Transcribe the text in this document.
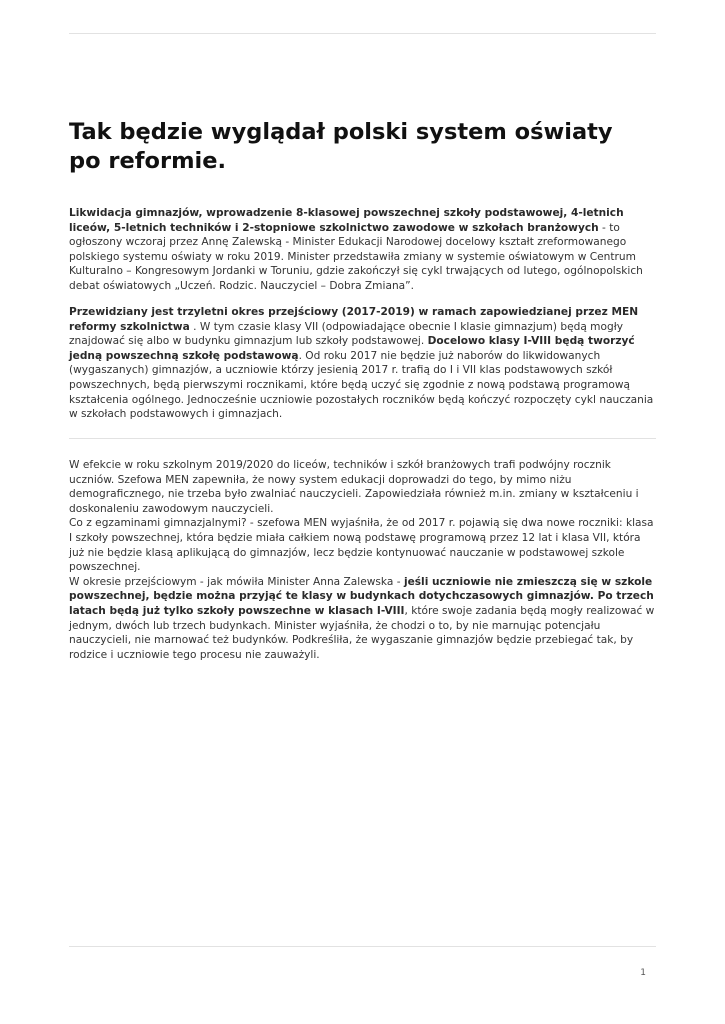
Tak będzie wyglądał polski system oświaty po reformie.

Likwidacja gimnazjów, wprowadzenie 8-klasowej powszechnej szkoły podstawowej, 4-letnich liceów, 5-letnich techników i 2-stopniowe szkolnictwo zawodowe w szkołach branżowych - to ogłoszony wczoraj przez Annę Zalewską - Minister Edukacji Narodowej docelowy kształt zreformowanego polskiego systemu oświaty w roku 2019. Minister przedstawiła zmiany w systemie oświatowym w Centrum Kulturalno – Kongresowym Jordanki w Toruniu, gdzie zakończył się cykl trwających od lutego, ogólnopolskich debat oświatowych „Uczeń. Rodzic. Nauczyciel – Dobra Zmiana”.

Przewidziany jest trzyletni okres przejściowy (2017-2019) w ramach zapowiedzianej przez MEN reformy szkolnictwa . W tym czasie klasy VII (odpowiadające obecnie I klasie gimnazjum) będą mogły znajdować się albo w budynku gimnazjum lub szkoły podstawowej. Docelowo klasy I-VIII będą tworzyć jedną powszechną szkołę podstawową. Od roku 2017 nie będzie już naborów do likwidowanych (wygaszanych) gimnazjów, a uczniowie którzy jesienią 2017 r. trafią do I i VII klas podstawowych szkół powszechnych, będą pierwszymi rocznikami, które będą uczyć się zgodnie z nową podstawą programową kształcenia ogólnego. Jednocześnie uczniowie pozostałych roczników będą kończyć rozpoczęty cykl nauczania w szkołach podstawowych i gimnazjach.

W efekcie w roku szkolnym 2019/2020 do liceów, techników i szkół branżowych trafi podwójny rocznik uczniów. Szefowa MEN zapewniła, że nowy system edukacji doprowadzi do tego, by mimo niżu demograficznego, nie trzeba było zwalniać nauczycieli. Zapowiedziała również m.in. zmiany w kształceniu i doskonaleniu zawodowym nauczycieli.
Co z egzaminami gimnazjalnymi? - szefowa MEN wyjaśniła, że od 2017 r. pojawią się dwa nowe roczniki: klasa I szkoły powszechnej, która będzie miała całkiem nową podstawę programową przez 12 lat i klasa VII, która już nie będzie klasą aplikującą do gimnazjów, lecz będzie kontynuować nauczanie w podstawowej szkole powszechnej.
W okresie przejściowym - jak mówiła Minister Anna Zalewska - jeśli uczniowie nie zmieszczą się w szkole powszechnej, będzie można przyjąć te klasy w budynkach dotychczasowych gimnazjów. Po trzech latach będą już tylko szkoły powszechne w klasach I-VIII, które swoje zadania będą mogły realizować w jednym, dwóch lub trzech budynkach. Minister wyjaśniła, że chodzi o to, by nie marnując potencjału nauczycieli, nie marnować też budynków. Podkreśliła, że wygaszanie gimnazjów będzie przebiegać tak, by rodzice i uczniowie tego procesu nie zauważyli.

1
